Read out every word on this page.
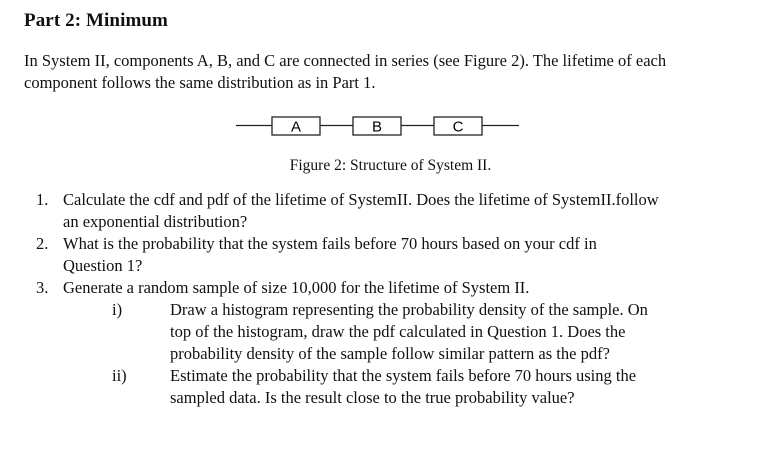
Part 2: Minimum
In System II, components A, B, and C are connected in series (see Figure 2). The lifetime of each
component follows the same distribution as in Part 1.
A	B	C
Figure 2: Structure of System II.
1. Calculate the cdf and pdf of the lifetime of SystemII. Does the lifetime of SystemII.follow
an exponential distribution?
2. What is the probability that the system fails before 70 hours based on your cdf in
Question 1?
3. Generate a random sample of size 10,000 for the lifetime of System II.
i)	Draw a histogram representing the probability density of the sample. On
top of the histogram, draw the pdf calculated in Question 1. Does the
probability density of the sample follow similar pattern as the pdf?
ii)	Estimate the probability that the system fails before 70 hours using the
sampled data. Is the result close to the true probability value?
